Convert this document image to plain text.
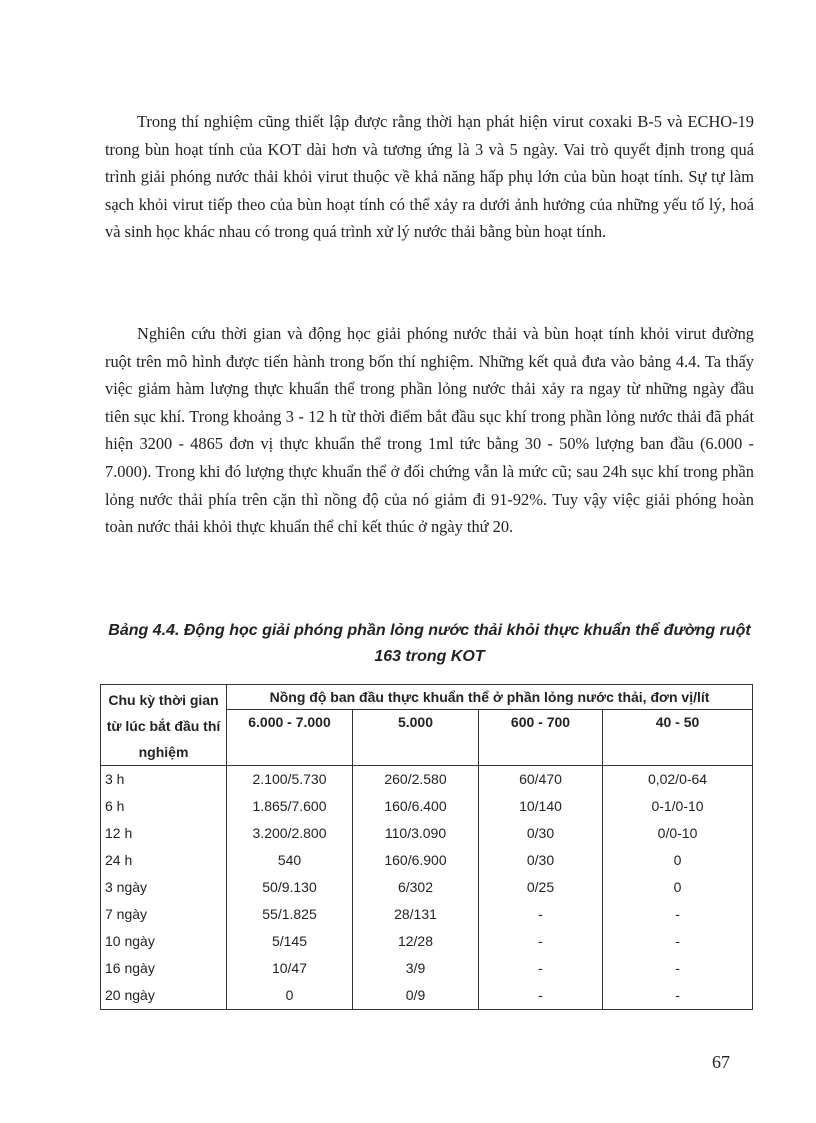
Trong thí nghiệm cũng thiết lập được rằng thời hạn phát hiện virut coxaki B-5 và ECHO-19 trong bùn hoạt tính của KOT dài hơn và tương ứng là 3 và 5 ngày. Vai trò quyết định trong quá trình giải phóng nước thải khỏi virut thuộc về khả năng hấp phụ lớn của bùn hoạt tính. Sự tự làm sạch khỏi virut tiếp theo của bùn hoạt tính có thể xảy ra dưới ảnh hưởng của những yếu tố lý, hoá và sinh học khác nhau có trong quá trình xử lý nước thải bằng bùn hoạt tính.

Nghiên cứu thời gian và động học giải phóng nước thải và bùn hoạt tính khỏi virut đường ruột trên mô hình được tiến hành trong bốn thí nghiệm. Những kết quả đưa vào bảng 4.4. Ta thấy việc giảm hàm lượng thực khuẩn thể trong phần lỏng nước thải xảy ra ngay từ những ngày đầu tiên sục khí. Trong khoảng 3 - 12 h từ thời điểm bắt đầu sục khí trong phần lỏng nước thải đã phát hiện 3200 - 4865 đơn vị thực khuẩn thể trong 1ml tức bằng 30 - 50% lượng ban đầu (6.000 - 7.000). Trong khi đó lượng thực khuẩn thể ở đối chứng vẫn là mức cũ; sau 24h sục khí trong phần lỏng nước thải phía trên cặn thì nồng độ của nó giảm đi 91-92%. Tuy vậy việc giải phóng hoàn toàn nước thải khỏi thực khuẩn thể chỉ kết thúc ở ngày thứ 20.

Bảng 4.4. Động học giải phóng phần lỏng nước thải khỏi thực khuẩn thể đường ruột 163 trong KOT

Chu kỳ thời gian từ lúc bắt đầu thí nghiệm	Nồng độ ban đầu thực khuẩn thể ở phần lỏng nước thải, đơn vị/lít			
	6.000 - 7.000	5.000	600 - 700	40 - 50
3 h	2.100/5.730	260/2.580	60/470	0,02/0-64
6 h	1.865/7.600	160/6.400	10/140	0-1/0-10
12 h	3.200/2.800	110/3.090	0/30	0/0-10
24 h	540	160/6.900	0/30	0
3 ngày	50/9.130	6/302	0/25	0
7 ngày	55/1.825	28/131	-	-
10 ngày	5/145	12/28	-	-
16 ngày	10/47	3/9	-	-
20 ngày	0	0/9	-	-
67
